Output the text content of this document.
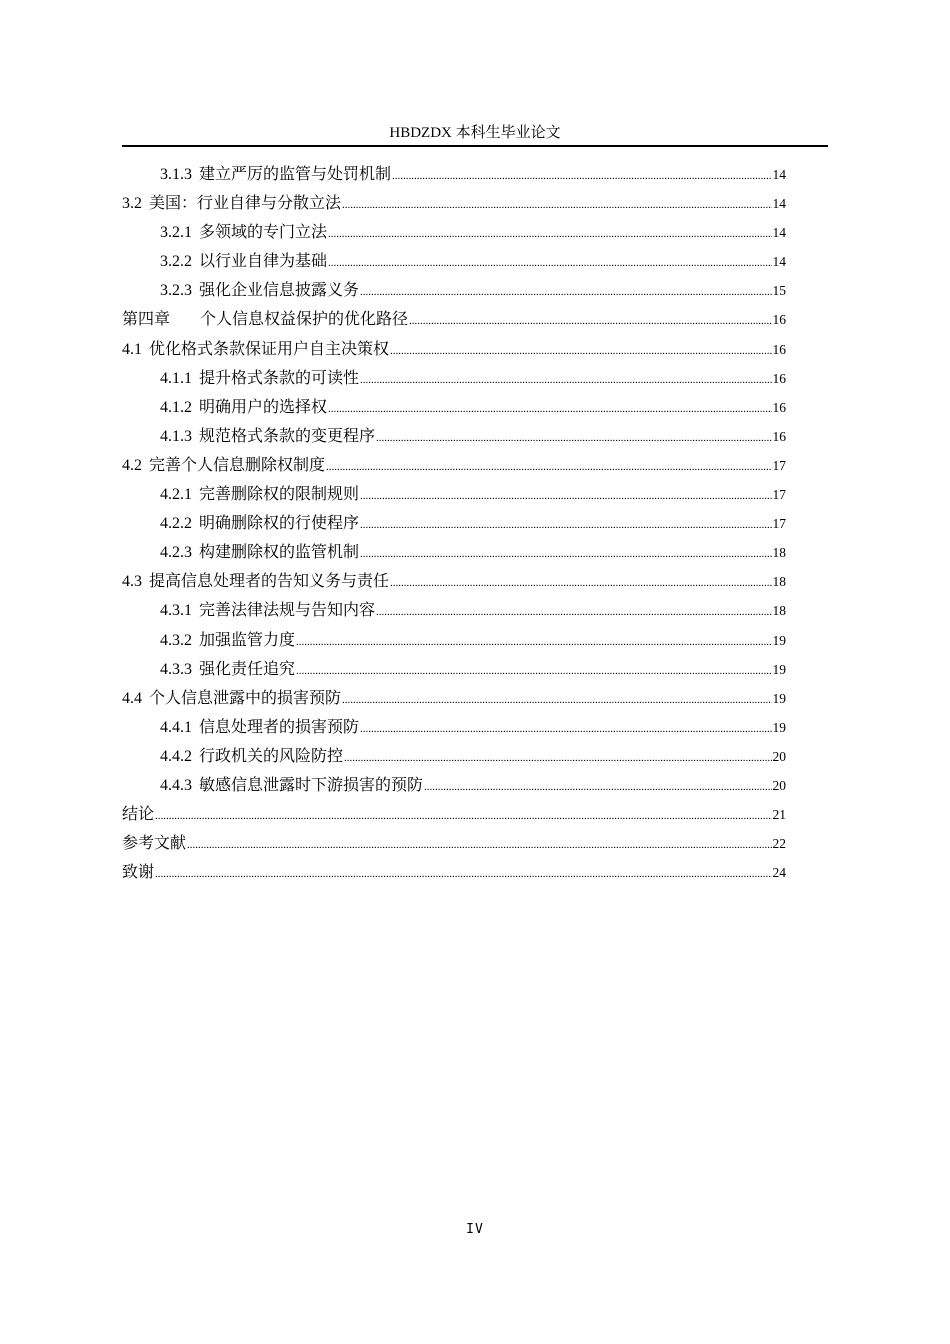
HBDZDX 本科生毕业论文
3.1.3 建立严厉的监管与处罚机制 .....	14
3.2 美国：行业自律与分散立法 .....	14
3.2.1 多领域的专门立法 .....	14
3.2.2 以行业自律为基础 .....	14
3.2.3 强化企业信息披露义务 .....	15
第四章 个人信息权益保护的优化路径 .....	16
4.1 优化格式条款保证用户自主决策权 .....	16
4.1.1 提升格式条款的可读性 .....	16
4.1.2 明确用户的选择权 .....	16
4.1.3 规范格式条款的变更程序 .....	16
4.2 完善个人信息删除权制度 .....	17
4.2.1 完善删除权的限制规则 .....	17
4.2.2 明确删除权的行使程序 .....	17
4.2.3 构建删除权的监管机制 .....	18
4.3 提高信息处理者的告知义务与责任 .....	18
4.3.1 完善法律法规与告知内容 .....	18
4.3.2 加强监管力度 .....	19
4.3.3 强化责任追究 .....	19
4.4 个人信息泄露中的损害预防 .....	19
4.4.1 信息处理者的损害预防 .....	19
4.4.2 行政机关的风险防控 .....	20
4.4.3 敏感信息泄露时下游损害的预防 .....	20
结论 .....	21
参考文献 .....	22
致谢 .....	24
IV
